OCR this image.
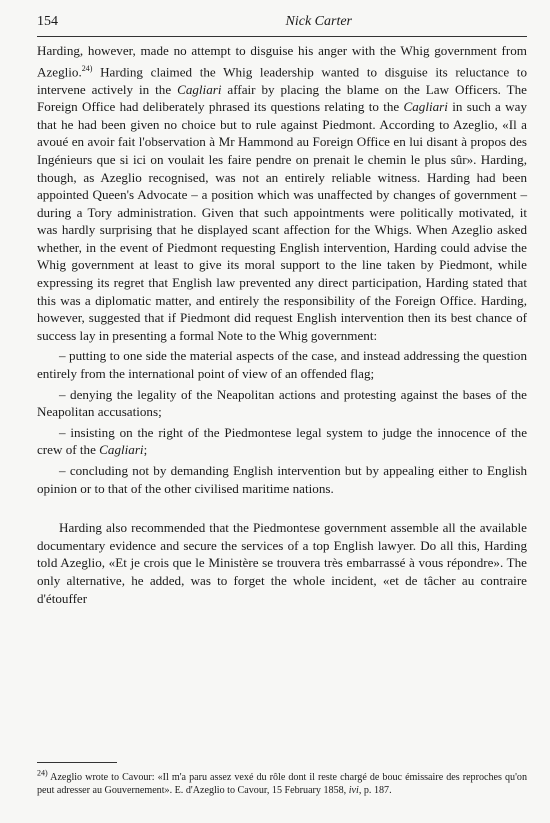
154	Nick Carter

Harding, however, made no attempt to disguise his anger with the Whig government from Azeglio.$^{24)}$ Harding claimed the Whig leadership wanted to disguise its reluctance to intervene actively in the Cagliari affair by placing the blame on the Law Officers. The Foreign Office had deliberately phrased its questions relating to the Cagliari in such a way that he had been given no choice but to rule against Piedmont. According to Azeglio, «Il a avoué en avoir fait l'observation à Mr Hammond au Foreign Office en lui disant à propos des Ingénieurs que si ici on voulait les faire pendre on prenait le chemin le plus sûr». Harding, though, as Azeglio recognised, was not an entirely reliable witness. Harding had been appointed Queen's Advocate – a position which was unaffected by changes of government – during a Tory administration. Given that such appointments were politically motivated, it was hardly surprising that he displayed scant affection for the Whigs. When Azeglio asked whether, in the event of Piedmont requesting English intervention, Harding could advise the Whig government at least to give its moral support to the line taken by Piedmont, while expressing its regret that English law prevented any direct participation, Harding stated that this was a diplomatic matter, and entirely the responsibility of the Foreign Office. Harding, however, suggested that if Piedmont did request English intervention then its best chance of success lay in presenting a formal Note to the Whig government:

– putting to one side the material aspects of the case, and instead addressing the question entirely from the international point of view of an offended flag;

– denying the legality of the Neapolitan actions and protesting against the bases of the Neapolitan accusations;

– insisting on the right of the Piedmontese legal system to judge the innocence of the crew of the Cagliari;

– concluding not by demanding English intervention but by appealing either to English opinion or to that of the other civilised maritime nations.

Harding also recommended that the Piedmontese government assemble all the available documentary evidence and secure the services of a top English lawyer. Do all this, Harding told Azeglio, «Et je crois que le Ministère se trouvera très embarrassé à vous répondre». The only alternative, he added, was to forget the whole incident, «et de tâcher au contraire d'étouffer

$^{24)}$ Azeglio wrote to Cavour: «Il m'a paru assez vexé du rôle dont il reste chargé de bouc émissaire des reproches qu'on peut adresser au Gouvernement». E. d'Azeglio to Cavour, 15 February 1858, ivi, p. 187.
